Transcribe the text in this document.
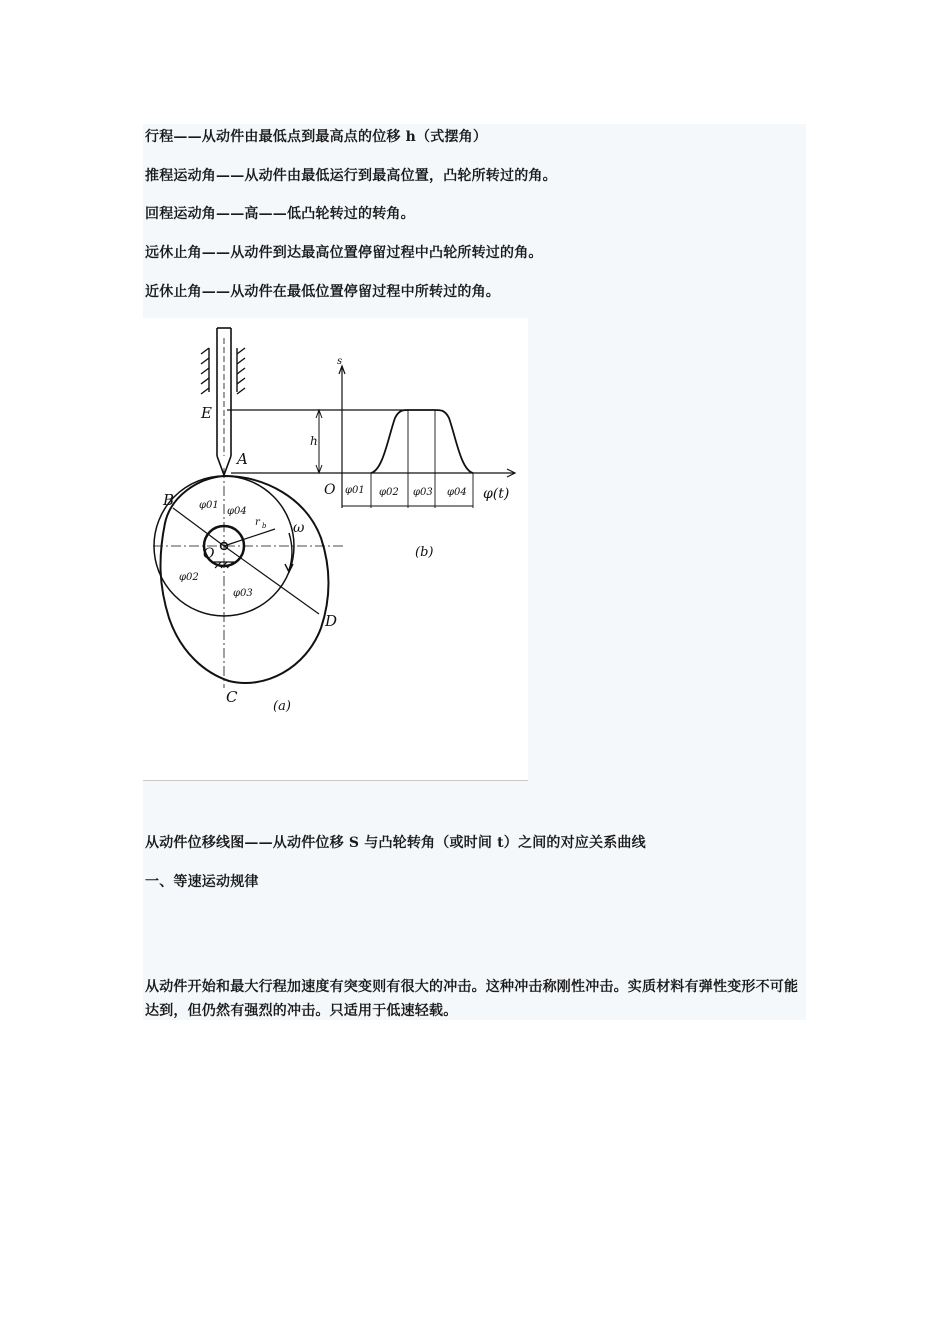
行程——从动件由最低点到最高点的位移 h（式摆角）
推程运动角——从动件由最低运行到最高位置，凸轮所转过的角。
回程运动角——高——低凸轮转过的转角。
远休止角——从动件到达最高位置停留过程中凸轮所转过的角。
近休止角——从动件在最低位置停留过程中所转过的角。
E
A
B
C
D
O
O
s
h
r b ω
φ(t)
(a)
(b)
φ01
φ02
φ03
φ04
φ01 φ02 φ03 φ04
从动件位移线图——从动件位移 S 与凸轮转角（或时间 t）之间的对应关系曲线
一、等速运动规律
从动件开始和最大行程加速度有突变则有很大的冲击。这种冲击称刚性冲击。实质材料有弹性变形不可能达到，但仍然有强烈的冲击。只适用于低速轻载。
